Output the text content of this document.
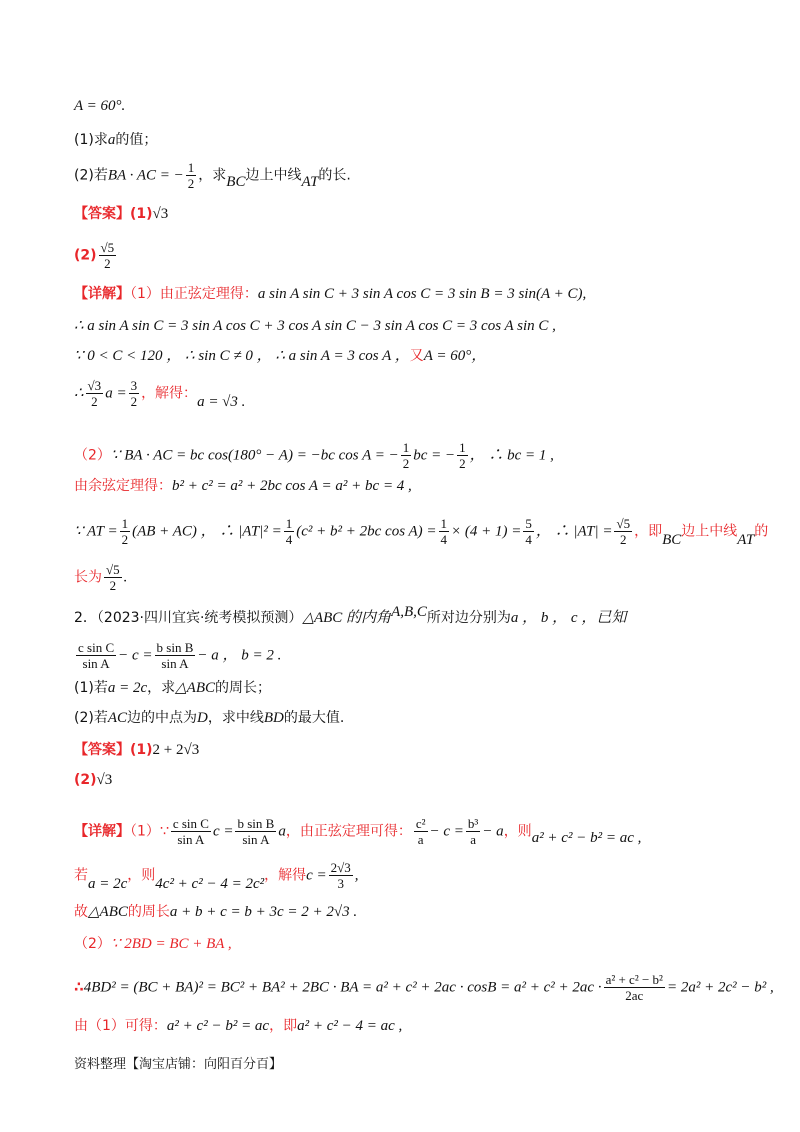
A = 60°.
(1)求a的值；
(2)若BA · AC = − $\frac{1}{2}$ ，求BC边上中线AT的长.
【答案】(1)√3
$(2) \frac{√5}{2}$
【详解】（1）由正弦定理得：a sin A sin C + 3 sin A cos C = 3 sin B = 3 sin(A + C),
∴ a sin A sin C = 3 sin A cos C + 3 cos A sin C − 3 sin A cos C = 3 cos A sin C ,
∵ 0 < C < 120 ， ∴ sin C ≠ 0 ， ∴ a sin A = 3 cos A ，又A = 60°，
∴ $\frac{√3}{2}$ $a = \frac{3}{2}$ ，解得：a = √3 .
（2）∵ BA · AC = bc cos(180° − A) = −bc cos A = − $\frac{1}{2}$ bc = − $\frac{1}{2}$ ， ∴ bc = 1 ,
由余弦定理得：b² + c² = a² + 2bc cos A = a² + bc = 4 ,
∵ AT = $\frac{1}{2} (AB + AC)$ ， ∴ $|AT|^2 = \frac{1}{4} (c^2 + b^2 + 2bc$ $\cos A) = \frac{1}{4} \times (4 + 1) = \frac{5}{4}$ ， ∴ $|AT| = \frac{√5}{2}$ ，即BC边上中线AT的
长为 $\frac{√5}{2}$ .
2．（2023·四川宜宾·统考模拟预测）△ABC 的内角A,B,C所对边分别为a ， b ， c ，已知
$\frac{\text{c sin C}}{\text{sin A}} - c = \frac{\text{b sin B}}{\text{sin A}} - a$ ， b = 2 .
(1)若a = 2c，求△ABC的周长；
(2)若AC边的中点为D，求中线BD的最大值.
【答案】(1)2 + 2√3
(2)√3
【详解】（1）∵ $\frac{\text{c sin C}}{\text{sin A}}$ $c = \frac{\text{b sin B}}{\text{sin A}}$ a，由正弦定理可得： $\frac{\text{c²}}{a} - c = \frac{\text{b³}}{a} - a$，则a² + c² − b² = ac ,
若a = 2c，则4c² + c² − 4 = 2c²，解得$c = \frac{2√3}{3}$ ,
故△ABC的周长a + b + c = b + 3c = 2 + 2√3 .
（2）∵ 2BD = BC + BA ,
∴4BD² = (BC + BA)² = BC² + BA² + 2BC · BA = $a^2 + c^2 + 2ac \cdot \cos B = a^2 + c^2 + 2ac \cdot \frac{\text{a² + c² − b²}}{2ac} = 2a^2 + 2c^2 - b^2$ ,
由（1）可得：a² + c² − b² = ac，即a² + c² − 4 = ac ,
资料整理【淘宝店铺：向阳百分百】
